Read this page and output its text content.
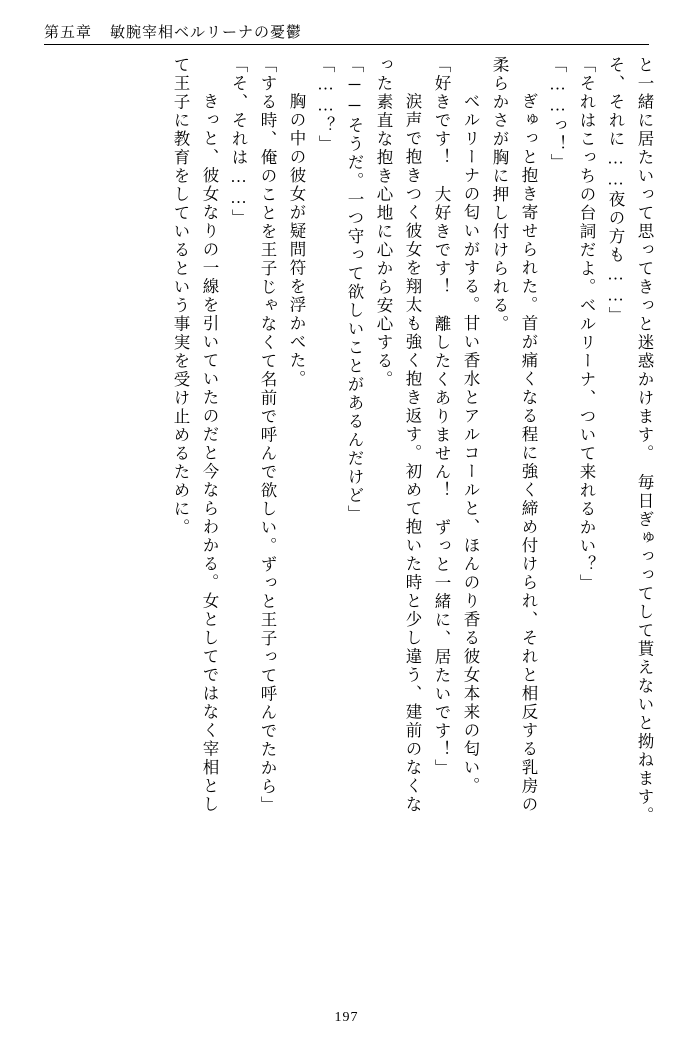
第五章 敏腕宰相ベルリーナの憂鬱
と一緒に居たいって思ってきっと迷惑かけます。　毎日ぎゅっってして貰えないと拗ねます。
そ、それに……夜の方も……」
「それはこっちの台詞だよ。ベルリーナ、ついて来れるかい？」
「……っ！」
　ぎゅっと抱き寄せられた。首が痛くなる程に強く締め付けられ、それと相反する乳房の
柔らかさが胸に押し付けられる。
　ベルリーナの匂いがする。甘い香水とアルコールと、ほんのり香る彼女本来の匂い。
「好きです！　大好きです！　離したくありません！　ずっと一緒に、居たいです！」
　涙声で抱きつく彼女を翔太も強く抱き返す。初めて抱いた時と少し違う、建前のなくな
った素直な抱き心地に心から安心する。
「──そうだ。一つ守って欲しいことがあるんだけど」
「……？」
　胸の中の彼女が疑問符を浮かべた。
「する時、俺のことを王子じゃなくて名前で呼んで欲しい。ずっと王子って呼んでたから」
「そ、それは……」
　きっと、彼女なりの一線を引いていたのだと今ならわかる。女としてではなく宰相とし
て王子に教育をしているという事実を受け止めるために。
197
